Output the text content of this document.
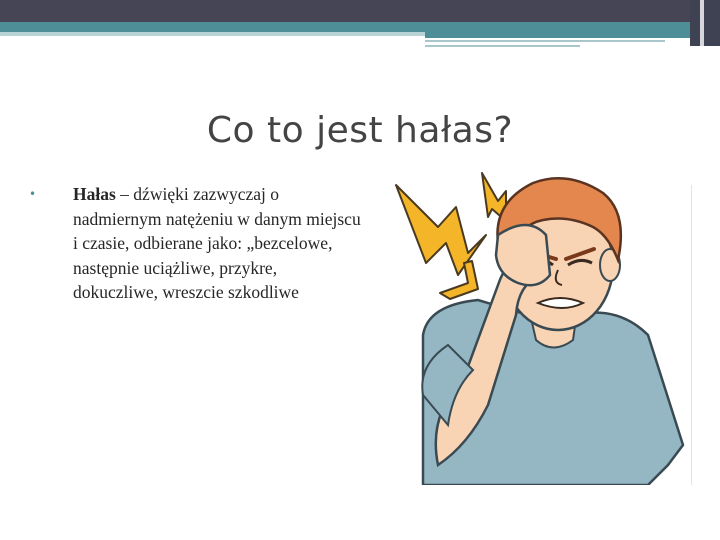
Co to jest hałas?
•	Hałas – dźwięki zazwyczaj o nadmiernym natężeniu w danym miejscu i czasie, odbierane jako: „bezcelowe, następnie uciążliwe, przykre, dokuczliwe, wreszcie szkodliwe
